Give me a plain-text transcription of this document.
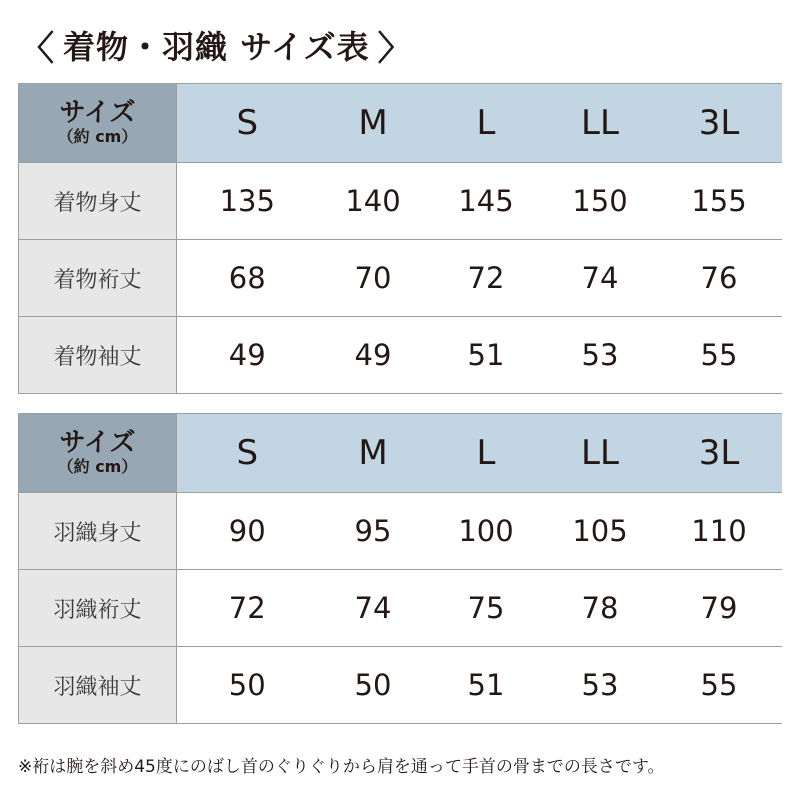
〈 着物・羽織 サイズ表 〉
サイズ
（約 cm）	S	M	L	LL	3L
着物身丈	135	140	145	150	155
着物裄丈	68	70	72	74	76
着物袖丈	49	49	51	53	55
サイズ
（約 cm）	S	M	L	LL	3L
羽織身丈	90	95	100	105	110
羽織裄丈	72	74	75	78	79
羽織袖丈	50	50	51	53	55
※裄は腕を斜め45度にのばし首のぐりぐりから肩を通って手首の骨までの長さです。
